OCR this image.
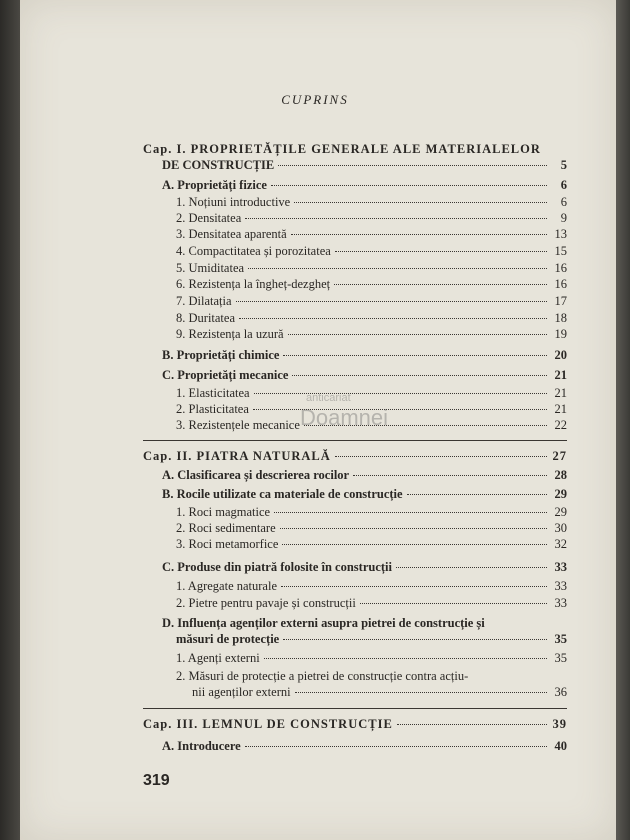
CUPRINS
Cap. I. PROPRIETĂȚILE GENERALE ALE MATERIALELOR
DE CONSTRUCȚIE	5
A. Proprietăți fizice	6
1. Noțiuni introductive	6
2. Densitatea	9
3. Densitatea aparentă	13
4. Compactitatea și porozitatea	15
5. Umiditatea	16
6. Rezistența la îngheț-dezgheț	16
7. Dilatația	17
8. Duritatea	18
9. Rezistența la uzură	19
B. Proprietăți chimice	20
C. Proprietăți mecanice	21
1. Elasticitatea	21
2. Plasticitatea	21
3. Rezistențele mecanice	22
Cap. II. PIATRA NATURALĂ	27
A. Clasificarea și descrierea rocilor	28
B. Rocile utilizate ca materiale de construcție	29
1. Roci magmatice	29
2. Roci sedimentare	30
3. Roci metamorfice	32
C. Produse din piatră folosite în construcții	33
1. Agregate naturale	33
2. Pietre pentru pavaje și construcții	33
D. Influența agenților externi asupra pietrei de construcție și
măsuri de protecție	35
1. Agenți externi	35
2. Măsuri de protecție a pietrei de construcție contra acțiu-
nii agenților externi	36
Cap. III. LEMNUL DE CONSTRUCȚIE	39
A. Introducere	40
anticariat
Doamnei
319
